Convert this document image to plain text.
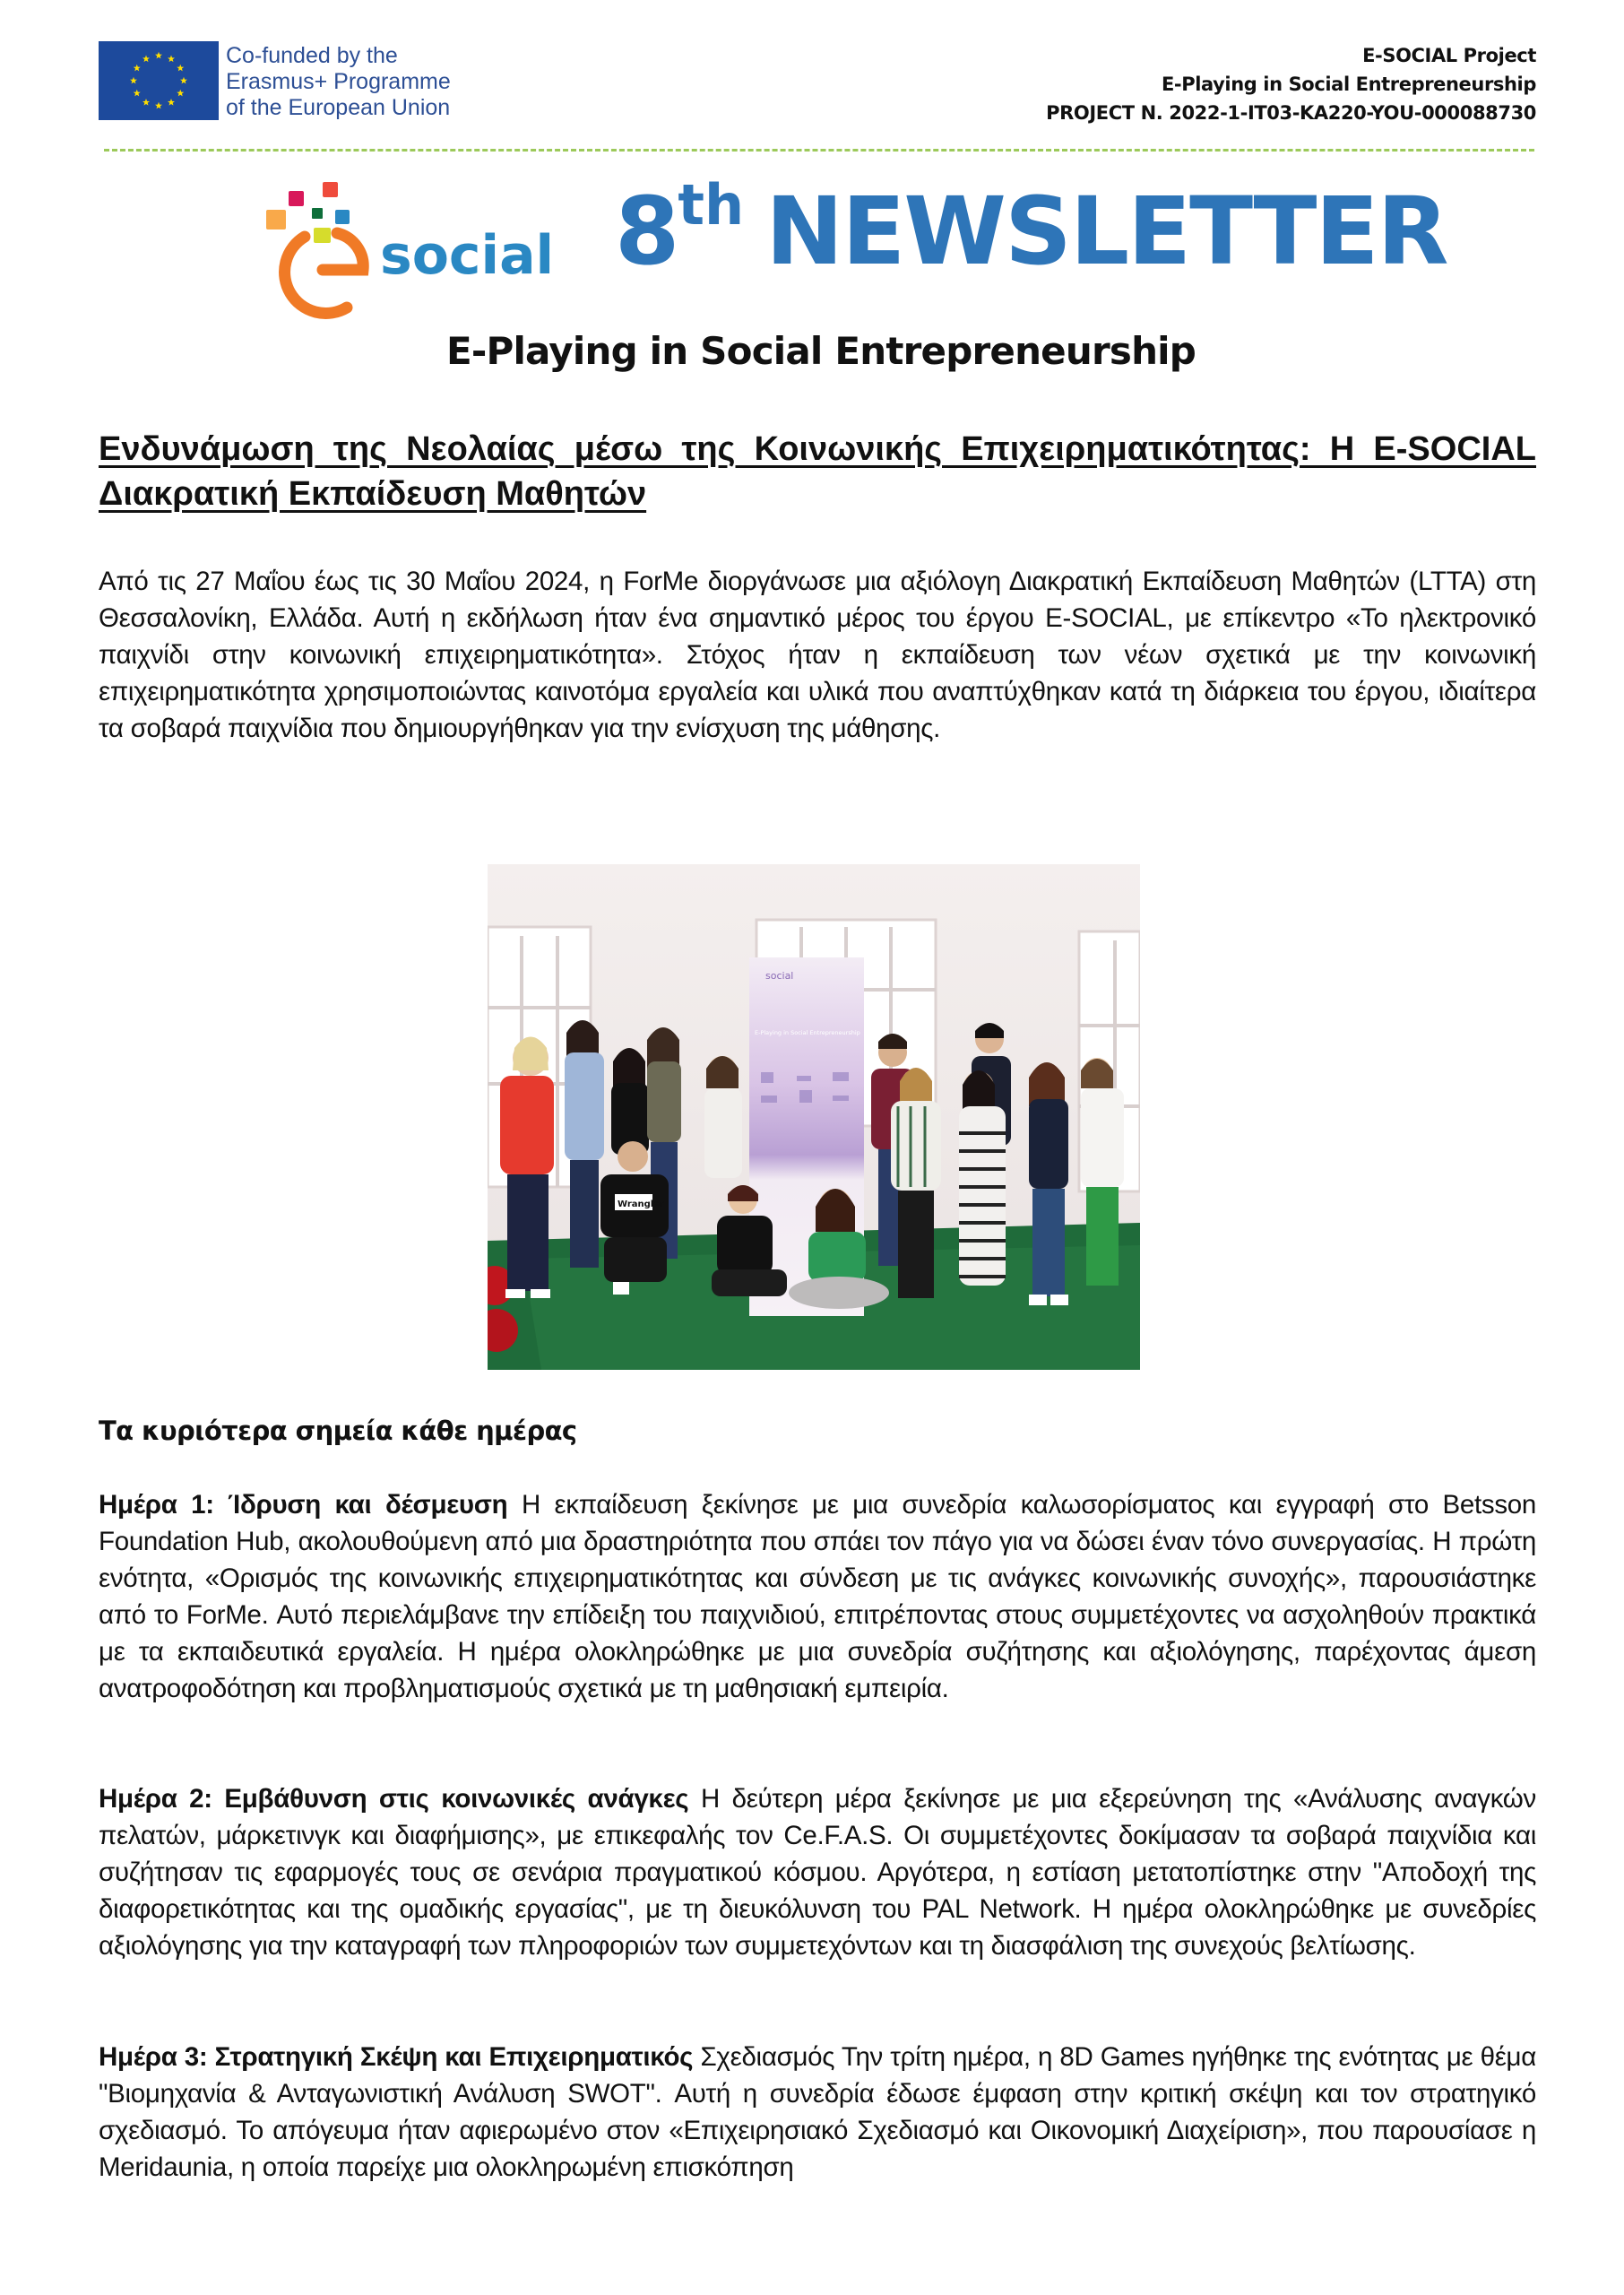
Co-funded by the
Erasmus+ Programme
of the European Union
E-SOCIAL Project
E-Playing in Social Entrepreneurship
PROJECT N. 2022-1-IT03-KA220-YOU-000088730
social 8th NEWSLETTER
E-Playing in Social Entrepreneurship
Ενδυνάμωση της Νεολαίας μέσω της Κοινωνικής Επιχειρηματικότητας: Η E-SOCIAL Διακρατική Εκπαίδευση Μαθητών
Από τις 27 Μαΐου έως τις 30 Μαΐου 2024, η ForMe διοργάνωσε μια αξιόλογη Διακρατική Εκπαίδευση Μαθητών (LTTA) στη Θεσσαλονίκη, Ελλάδα. Αυτή η εκδήλωση ήταν ένα σημαντικό μέρος του έργου E-SOCIAL, με επίκεντρο «Το ηλεκτρονικό παιχνίδι στην κοινωνική επιχειρηματικότητα». Στόχος ήταν η εκπαίδευση των νέων σχετικά με την κοινωνική επιχειρηματικότητα χρησιμοποιώντας καινοτόμα εργαλεία και υλικά που αναπτύχθηκαν κατά τη διάρκεια του έργου, ιδιαίτερα τα σοβαρά παιχνίδια που δημιουργήθηκαν για την ενίσχυση της μάθησης.
social
E-Playing in Social Entrepreneurship
Wrangler
Τα κυριότερα σημεία κάθε ημέρας
Ημέρα 1: Ίδρυση και δέσμευση Η εκπαίδευση ξεκίνησε με μια συνεδρία καλωσορίσματος και εγγραφή στο Betsson Foundation Hub, ακολουθούμενη από μια δραστηριότητα που σπάει τον πάγο για να δώσει έναν τόνο συνεργασίας. Η πρώτη ενότητα, «Ορισμός της κοινωνικής επιχειρηματικότητας και σύνδεση με τις ανάγκες κοινωνικής συνοχής», παρουσιάστηκε από το ForMe. Αυτό περιελάμβανε την επίδειξη του παιχνιδιού, επιτρέποντας στους συμμετέχοντες να ασχοληθούν πρακτικά με τα εκπαιδευτικά εργαλεία. Η ημέρα ολοκληρώθηκε με μια συνεδρία συζήτησης και αξιολόγησης, παρέχοντας άμεση ανατροφοδότηση και προβληματισμούς σχετικά με τη μαθησιακή εμπειρία.
Ημέρα 2: Εμβάθυνση στις κοινωνικές ανάγκες Η δεύτερη μέρα ξεκίνησε με μια εξερεύνηση της «Ανάλυσης αναγκών πελατών, μάρκετινγκ και διαφήμισης», με επικεφαλής τον Ce.F.A.S. Οι συμμετέχοντες δοκίμασαν τα σοβαρά παιχνίδια και συζήτησαν τις εφαρμογές τους σε σενάρια πραγματικού κόσμου. Αργότερα, η εστίαση μετατοπίστηκε στην "Αποδοχή της διαφορετικότητας και της ομαδικής εργασίας", με τη διευκόλυνση του PAL Network. Η ημέρα ολοκληρώθηκε με συνεδρίες αξιολόγησης για την καταγραφή των πληροφοριών των συμμετεχόντων και τη διασφάλιση της συνεχούς βελτίωσης.
Ημέρα 3: Στρατηγική Σκέψη και Επιχειρηματικός Σχεδιασμός Την τρίτη ημέρα, η 8D Games ηγήθηκε της ενότητας με θέμα "Βιομηχανία & Ανταγωνιστική Ανάλυση SWOT". Αυτή η συνεδρία έδωσε έμφαση στην κριτική σκέψη και τον στρατηγικό σχεδιασμό. Το απόγευμα ήταν αφιερωμένο στον «Επιχειρησιακό Σχεδιασμό και Οικονομική Διαχείριση», που παρουσίασε η Meridaunia, η οποία παρείχε μια ολοκληρωμένη επισκόπηση
